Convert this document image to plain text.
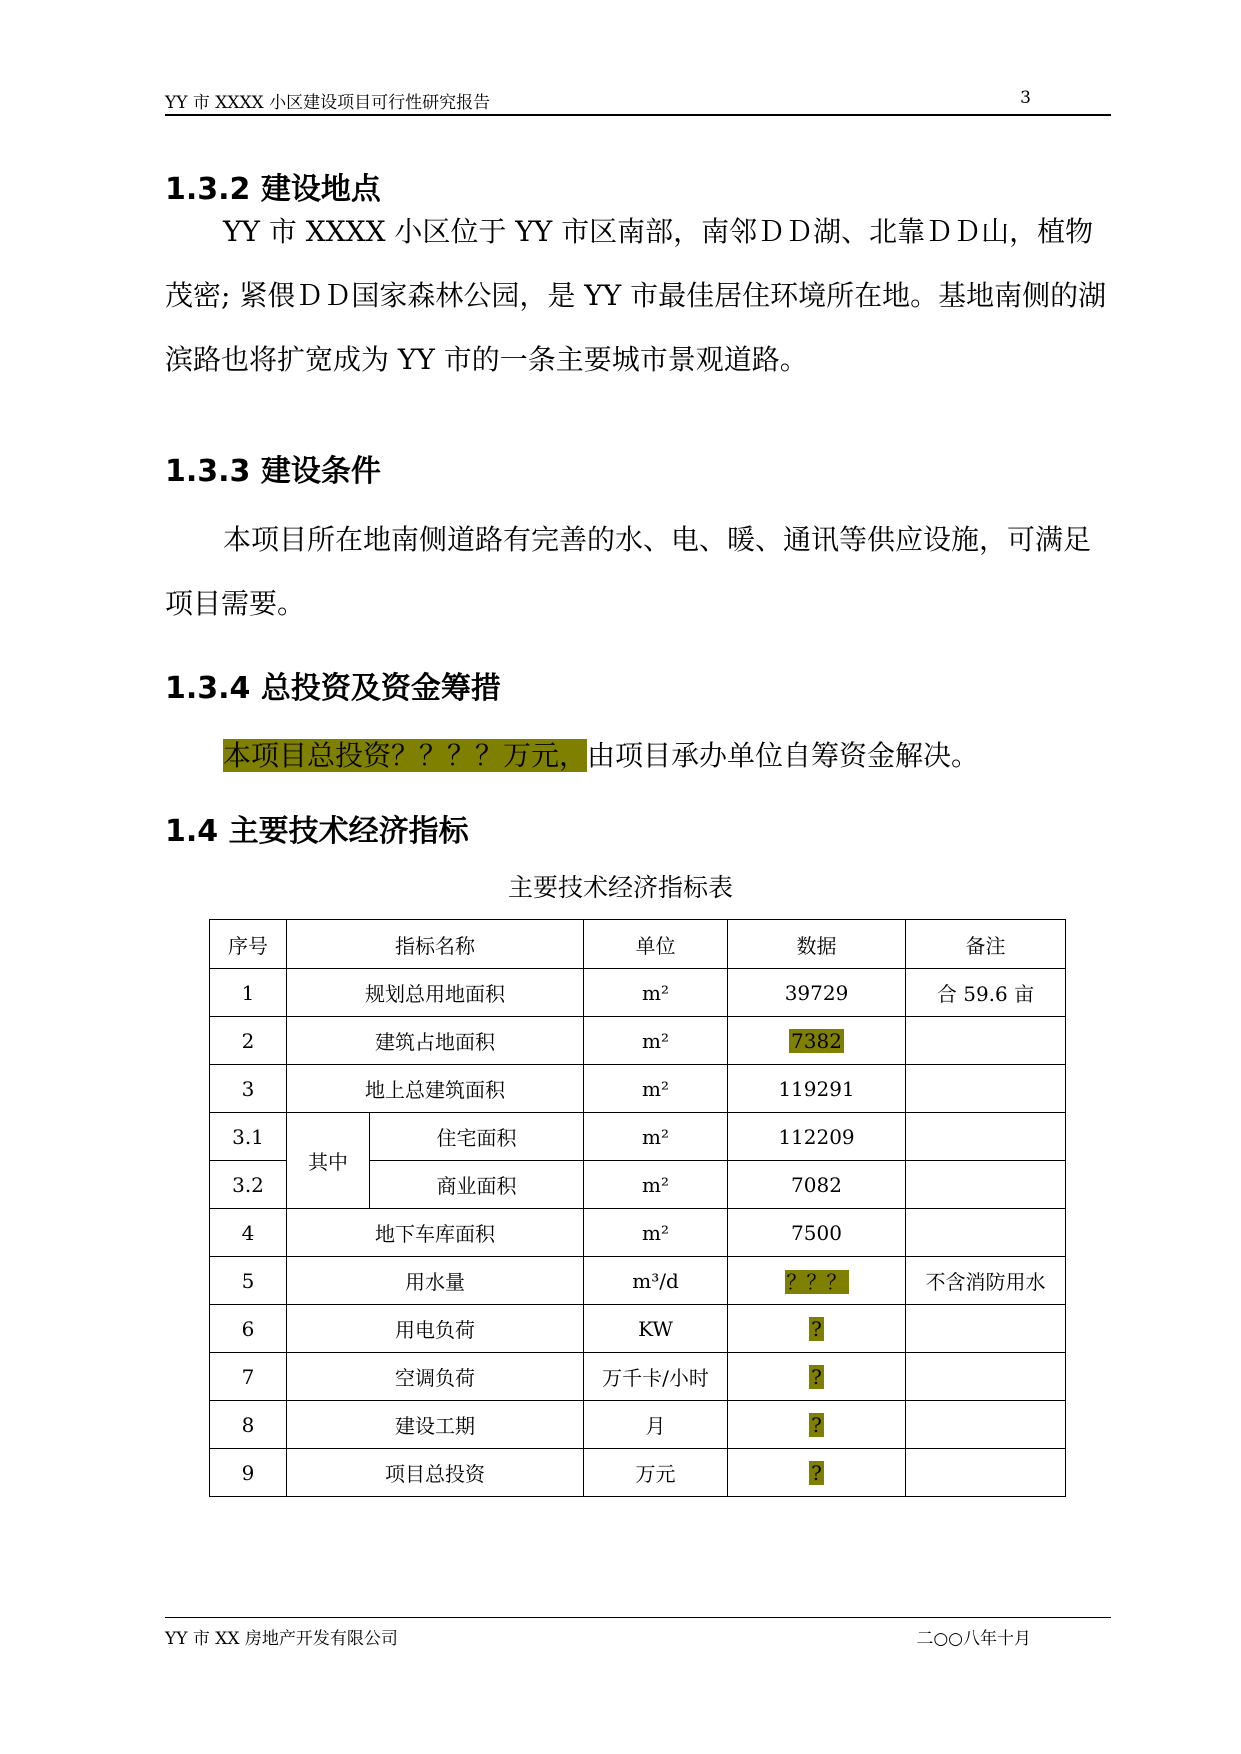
YY 市 XXXX 小区建设项目可行性研究报告	3
1.3.2 建设地点

YY 市 XXXX 小区位于 YY 市区南部，南邻ＤＤ湖、北靠ＤＤ山，植物茂密; 紧偎ＤＤ国家森林公园，是 YY 市最佳居住环境所在地。基地南侧的湖滨路也将扩宽成为 YY 市的一条主要城市景观道路。

1.3.3 建设条件

本项目所在地南侧道路有完善的水、电、暖、通讯等供应设施，可满足项目需要。

1.3.4 总投资及资金筹措

本项目总投资？？？？万元，由项目承办单位自筹资金解决。

1.4 主要技术经济指标
主要技术经济指标表
序号	指标名称		单位	数据	备注
1	规划总用地面积		m²	39729	合 59.6 亩
2	建筑占地面积		m²	7382	
3	地上总建筑面积		m²	119291	
3.1	其中	住宅面积	m²	112209	
3.2		商业面积	m²	7082	
4	地下车库面积		m²	7500	
5	用水量		m³/d	？？？	不含消防用水
6	用电负荷		KW	?	
7	空调负荷		万千卡/小时	?	
8	建设工期		月	?	
9	项目总投资		万元	?	
YY 市 XX 房地产开发有限公司	二○○八年十月
